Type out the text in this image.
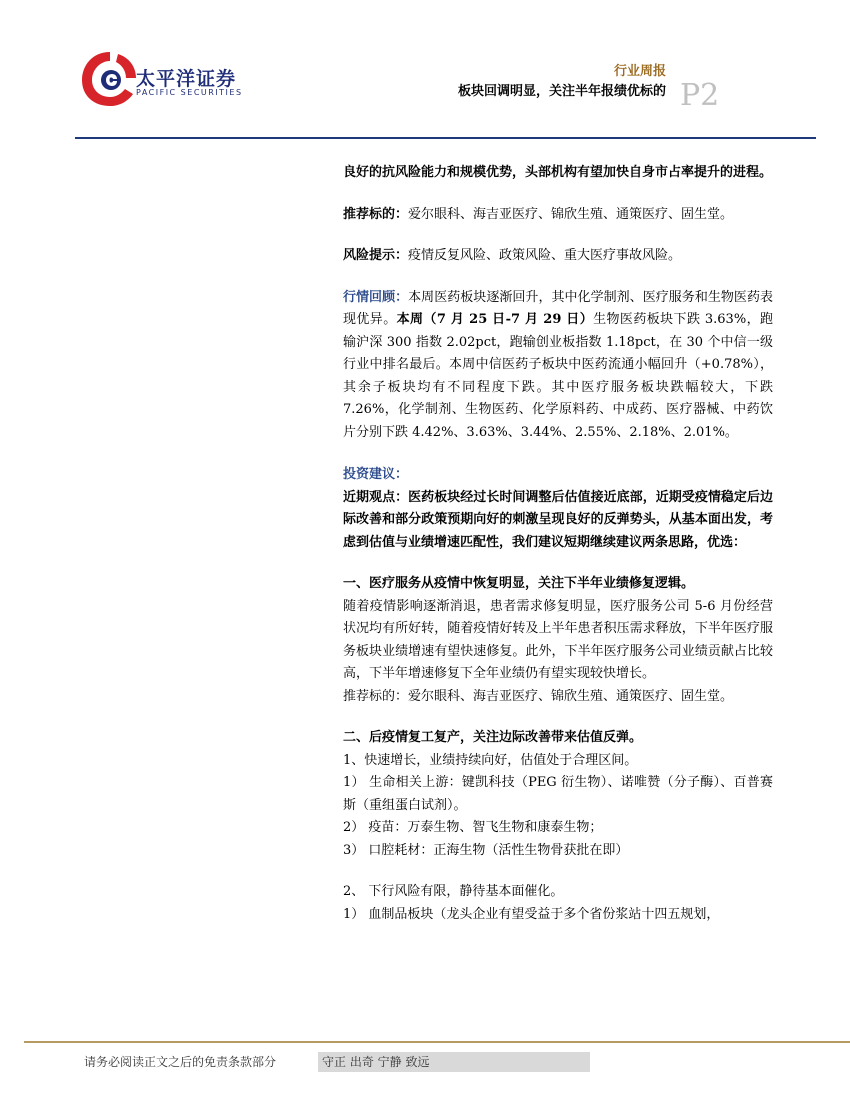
太平洋证券
PACIFIC SECURITIES
行业周报
板块回调明显，关注半年报绩优标的 P2

良好的抗风险能力和规模优势，头部机构有望加快自身市占率提升的进程。

推荐标的：爱尔眼科、海吉亚医疗、锦欣生殖、通策医疗、固生堂。

风险提示：疫情反复风险、政策风险、重大医疗事故风险。

行情回顾：本周医药板块逐渐回升，其中化学制剂、医疗服务和生物医药表现优异。本周（7 月 25 日-7 月 29 日）生物医药板块下跌 3.63%，跑输沪深 300 指数 2.02pct，跑输创业板指数 1.18pct，在 30 个中信一级行业中排名最后。本周中信医药子板块中医药流通小幅回升（+0.78%），其余子板块均有不同程度下跌。其中医疗服务板块跌幅较大，下跌 7.26%，化学制剂、生物医药、化学原料药、中成药、医疗器械、中药饮片分别下跌 4.42%、3.63%、3.44%、2.55%、2.18%、2.01%。

投资建议：

近期观点：医药板块经过长时间调整后估值接近底部，近期受疫情稳定后边际改善和部分政策预期向好的刺激呈现良好的反弹势头，从基本面出发，考虑到估值与业绩增速匹配性，我们建议短期继续建议两条思路，优选：

一、医疗服务从疫情中恢复明显，关注下半年业绩修复逻辑。

随着疫情影响逐渐消退，患者需求修复明显，医疗服务公司 5-6 月份经营状况均有所好转，随着疫情好转及上半年患者积压需求释放，下半年医疗服务板块业绩增速有望快速修复。此外，下半年医疗服务公司业绩贡献占比较高，下半年增速修复下全年业绩仍有望实现较快增长。

推荐标的：爱尔眼科、海吉亚医疗、锦欣生殖、通策医疗、固生堂。

二、后疫情复工复产，关注边际改善带来估值反弹。

1、快速增长，业绩持续向好，估值处于合理区间。

1） 生命相关上游：键凯科技（PEG 衍生物）、诺唯赞（分子酶）、百普赛斯（重组蛋白试剂）。

2） 疫苗：万泰生物、智飞生物和康泰生物；

3） 口腔耗材：正海生物（活性生物骨获批在即）

2、 下行风险有限，静待基本面催化。

1） 血制品板块（龙头企业有望受益于多个省份浆站十四五规划，

请务必阅读正文之后的免责条款部分	守正 出奇 宁静 致远
